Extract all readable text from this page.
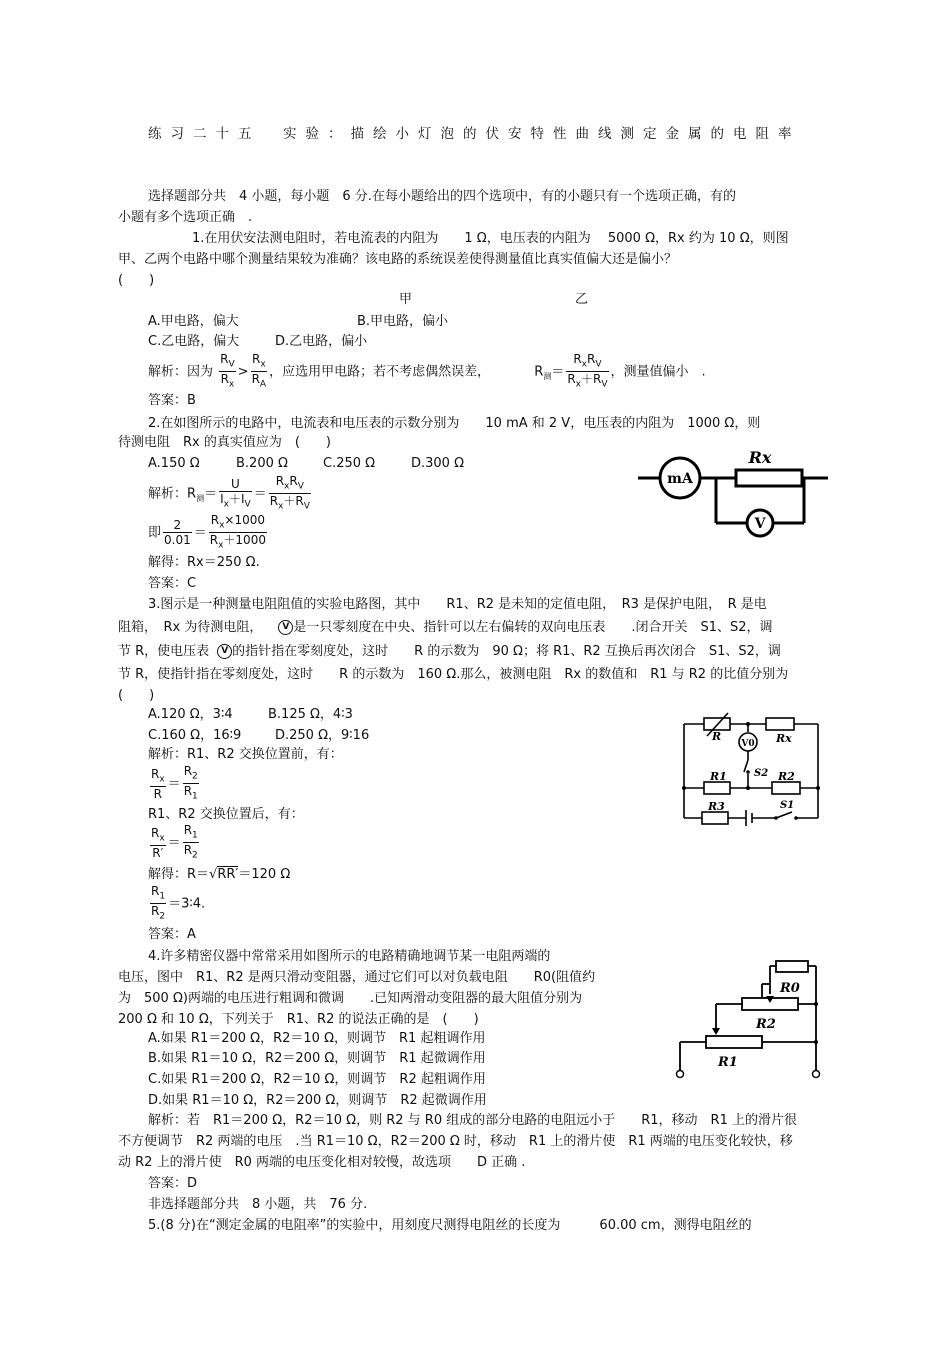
练习二十五　实验：描绘小灯泡的伏安特性曲线测定金属的电阻率
选择题部分共　4 小题，每小题　6 分.在每小题给出的四个选项中，有的小题只有一个选项正确，有的
小题有多个选项正确　.
1.在用伏安法测电阻时，若电流表的内阻为　　1 Ω，电压表的内阻为　 5000 Ω，Rx 约为 10 Ω，则图
甲、乙两个电路中哪个测量结果较为准确？该电路的系统误差使得测量值比真实值偏大还是偏小？
(　　)
甲	乙
A.甲电路，偏大	B.甲电路，偏小
C.乙电路，偏大	D.乙电路，偏小
解析：因为 $\frac{R_V}{R_x} > \frac{R_x}{R_A}$ ，应选用甲电路；若不考虑偶然误差，	$R_测= \frac{R_xR_V}{R_x+R_V}$ ，测量值偏小　.
答案：B
2.在如图所示的电路中，电流表和电压表的示数分别为　　10 mA 和 2 V，电压表的内阻为　1000 Ω，则
待测电阻　Rx 的真实值应为　(　　)
A.150 Ω	B.200 Ω	C.250 Ω	D.300 Ω
解析：$R_测= \frac{U}{I_x+I_V} = \frac{R_xR_V}{R_x+R_V}$
即 $\frac{2}{0.01} = \frac{R_x\times 1000}{R_x+1000}$
解得：Rx＝250 Ω.
答案：C
mA
V
Rx
3.图示是一种测量电阻阻值的实验电路图，其中　　R1、R2 是未知的定值电阻，　R3 是保护电阻，　R 是电
阻箱，　Rx 为待测电阻， V 是一只零刻度在中央、指针可以左右偏转的双向电压表　　.闭合开关　S1、S2，调
节 R，使电压表 V 的指针指在零刻度处，这时　　R 的示数为　90 Ω；将 R1、R2 互换后再次闭合　S1、S2，调
节 R，使指针指在零刻度处，这时　　R 的示数为　160 Ω.那么，被测电阻　Rx 的数值和　R1 与 R2 的比值分别为
(　　)
A.120 Ω，3∶4	B.125 Ω，4∶3
C.160 Ω，16∶9	D.250 Ω，9∶16
解析：R1、R2 交换位置前，有：
$\frac{R_x}{R} = \frac{R_2}{R_1}$
R1、R2 交换位置后，有：
$\frac{R_x}{R'} = \frac{R_1}{R_2}$
解得：R＝√RR′＝120 Ω
$\frac{R_1}{R_2}$ ＝3∶4.
答案：A
R	Rx
V0
S2
R1	R2
R3	S1
4.许多精密仪器中常常采用如图所示的电路精确地调节某一电阻两端的
电压，图中　R1、R2 是两只滑动变阻器，通过它们可以对负载电阻　　R0(阻值约
为　500 Ω)两端的电压进行粗调和微调　　.已知两滑动变阻器的最大阻值分别为
200 Ω 和 10 Ω，下列关于　R1、R2 的说法正确的是　(　　)
A.如果 R1＝200 Ω，R2＝10 Ω，则调节　R1 起粗调作用
B.如果 R1＝10 Ω，R2＝200 Ω，则调节　R1 起微调作用
C.如果 R1＝200 Ω，R2＝10 Ω，则调节　R2 起粗调作用
D.如果 R1＝10 Ω，R2＝200 Ω，则调节　R2 起微调作用
解析：若　R1＝200 Ω，R2＝10 Ω，则 R2 与 R0 组成的部分电路的电阻远小于　　R1，移动　R1 上的滑片很
不方便调节　R2 两端的电压　.当 R1＝10 Ω，R2＝200 Ω 时，移动　R1 上的滑片使　R1 两端的电压变化较快，移
动 R2 上的滑片使　R0 两端的电压变化相对较慢，故选项　　D 正确 .
答案：D
R0
R2
R1
非选择题部分共　8 小题，共　76 分.
5.(8 分)在“测定金属的电阻率”的实验中，用刻度尺测得电阻丝的长度为　　　60.00 cm，测得电阻丝的
